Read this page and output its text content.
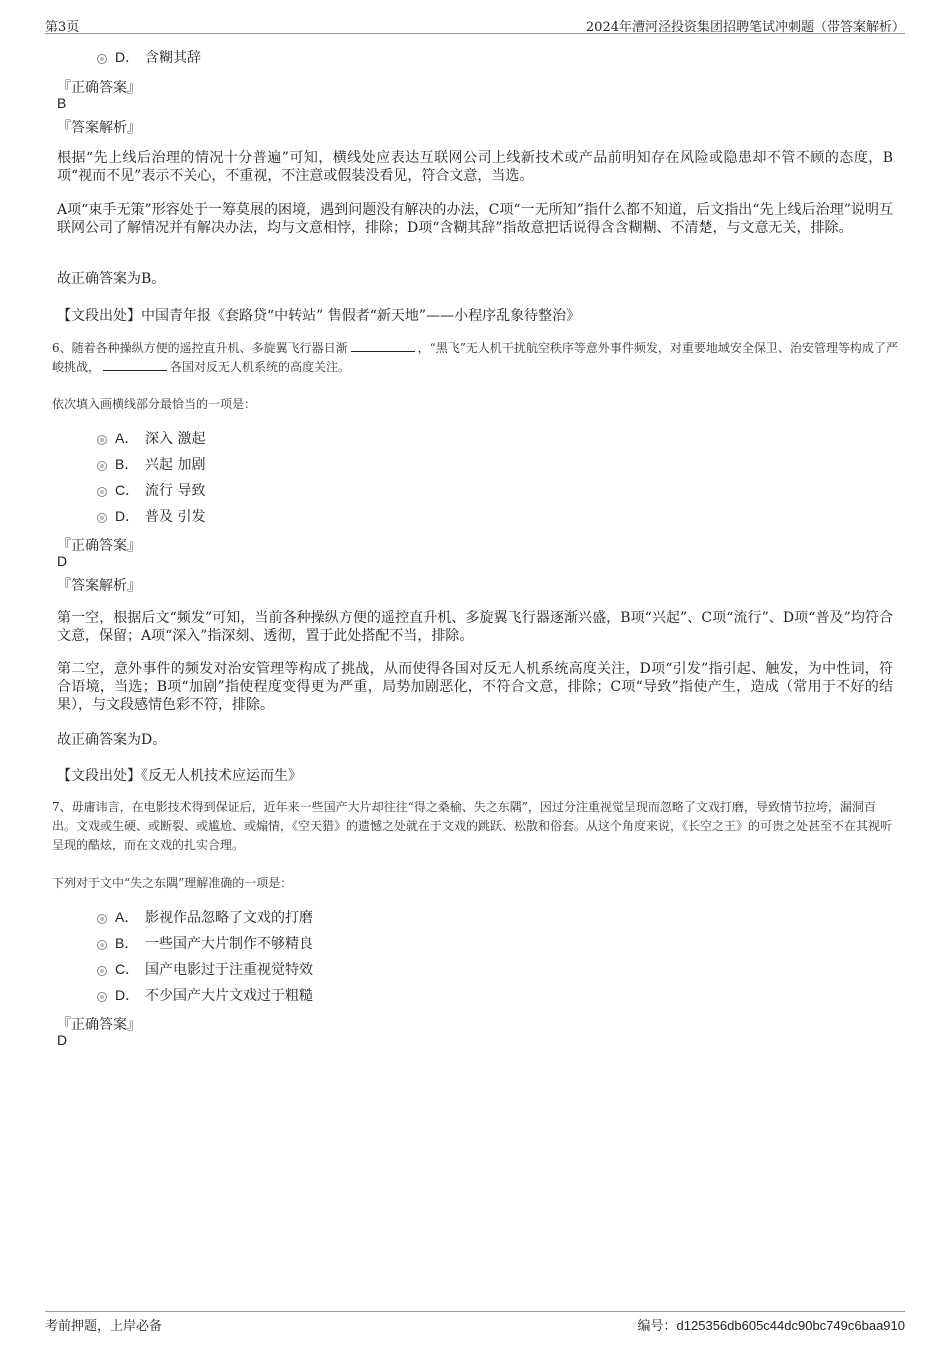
第3页	2024年漕河泾投资集团招聘笔试冲刺题（带答案解析）
D． 含糊其辞
『正确答案』
B
『答案解析』
根据“先上线后治理的情况十分普遍”可知，横线处应表达互联网公司上线新技术或产品前明知存在风险或隐患却不管不顾的态度，B项“视而不见”表示不关心，不重视，不注意或假装没看见，符合文意，当选。
A项“束手无策”形容处于一筹莫展的困境，遇到问题没有解决的办法，C项“一无所知”指什么都不知道，后文指出“先上线后治理”说明互联网公司了解情况并有解决办法，均与文意相悖，排除；D项“含糊其辞”指故意把话说得含含糊糊、不清楚，与文意无关，排除。
故正确答案为B。
【文段出处】中国青年报《套路贷“中转站” 售假者“新天地”——小程序乱象待整治》
6、随着各种操纵方便的遥控直升机、多旋翼飞行器日渐	，“黑飞”无人机干扰航空秩序等意外事件频发，对重要地域安全保卫、治安管理等构成了严峻挑战，	各国对反无人机系统的高度关注。
依次填入画横线部分最恰当的一项是：
A． 深入 激起
B． 兴起 加剧
C． 流行 导致
D． 普及 引发
『正确答案』
D
『答案解析』
第一空，根据后文“频发”可知，当前各种操纵方便的遥控直升机、多旋翼飞行器逐渐兴盛，B项“兴起”、C项“流行”、D项“普及”均符合文意，保留；A项“深入”指深刻、透彻，置于此处搭配不当，排除。
第二空，意外事件的频发对治安管理等构成了挑战，从而使得各国对反无人机系统高度关注，D项“引发”指引起、触发，为中性词，符合语境，当选；B项“加剧”指使程度变得更为严重，局势加剧恶化，不符合文意，排除；C项“导致”指使产生，造成（常用于不好的结果），与文段感情色彩不符，排除。
故正确答案为D。
【文段出处】《反无人机技术应运而生》
7、毋庸讳言，在电影技术得到保证后，近年来一些国产大片却往往“得之桑榆、失之东隅”，因过分注重视觉呈现而忽略了文戏打磨，导致情节拉垮，漏洞百出。文戏或生硬、或断裂、或尴尬、或煽情，《空天猎》的遗憾之处就在于文戏的跳跃、松散和俗套。从这个角度来说，《长空之王》的可贵之处甚至不在其视听呈现的酷炫，而在文戏的扎实合理。
下列对于文中“失之东隅”理解准确的一项是：
A． 影视作品忽略了文戏的打磨
B． 一些国产大片制作不够精良
C． 国产电影过于注重视觉特效
D． 不少国产大片文戏过于粗糙
『正确答案』
D
考前押题，上岸必备	编号：d125356db605c44dc90bc749c6baa910
